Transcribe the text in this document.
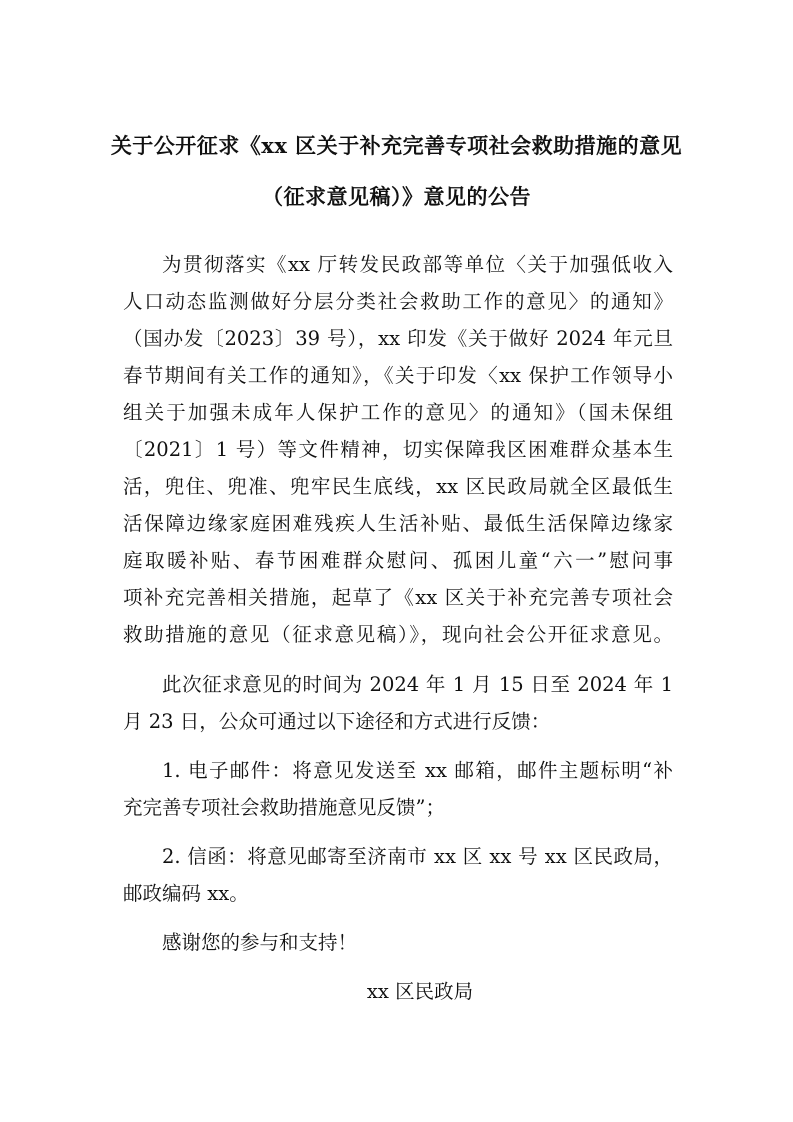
关于公开征求《xx 区关于补充完善专项社会救助措施的意见
（征求意见稿）》意见的公告
为贯彻落实《xx 厅转发民政部等单位〈关于加强低收入
人口动态监测做好分层分类社会救助工作的意见〉的通知》
（国办发〔2023〕39 号），xx 印发《关于做好 2024 年元旦
春节期间有关工作的通知》，《关于印发〈xx 保护工作领导小
组关于加强未成年人保护工作的意见〉的通知》（国未保组
〔2021〕1 号）等文件精神，切实保障我区困难群众基本生
活，兜住、兜准、兜牢民生底线，xx 区民政局就全区最低生
活保障边缘家庭困难残疾人生活补贴、最低生活保障边缘家
庭取暖补贴、春节困难群众慰问、孤困儿童“六一”慰问事
项补充完善相关措施，起草了《xx 区关于补充完善专项社会
救助措施的意见（征求意见稿）》，现向社会公开征求意见。
此次征求意见的时间为 2024 年 1 月 15 日至 2024 年 1
月 23 日，公众可通过以下途径和方式进行反馈：
1. 电子邮件：将意见发送至 xx 邮箱，邮件主题标明“补
充完善专项社会救助措施意见反馈”；
2. 信函：将意见邮寄至济南市 xx 区 xx 号 xx 区民政局，
邮政编码 xx。
感谢您的参与和支持！
xx 区民政局
